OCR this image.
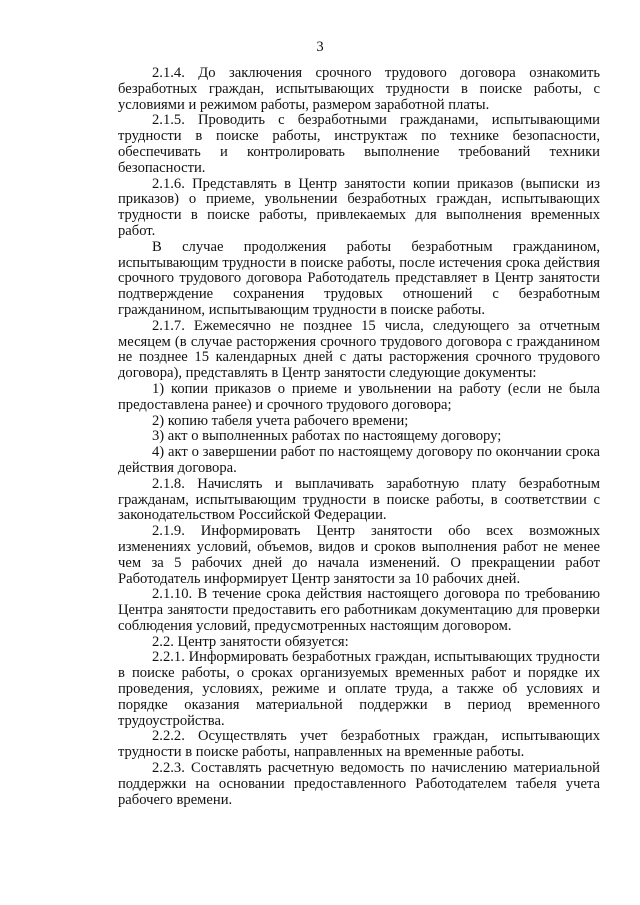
3

2.1.4. До заключения срочного трудового договора ознакомить безработных граждан, испытывающих трудности в поиске работы, с условиями и режимом работы, размером заработной платы.

2.1.5. Проводить с безработными гражданами, испытывающими трудности в поиске работы, инструктаж по технике безопасности, обеспечивать и контролировать выполнение требований техники безопасности.

2.1.6. Представлять в Центр занятости копии приказов (выписки из приказов) о приеме, увольнении безработных граждан, испытывающих трудности в поиске работы, привлекаемых для выполнения временных работ.

В случае продолжения работы безработным гражданином, испытывающим трудности в поиске работы, после истечения срока действия срочного трудового договора Работодатель представляет в Центр занятости подтверждение сохранения трудовых отношений с безработным гражданином, испытывающим трудности в поиске работы.

2.1.7. Ежемесячно не позднее 15 числа, следующего за отчетным месяцем (в случае расторжения срочного трудового договора с гражданином не позднее 15 календарных дней с даты расторжения срочного трудового договора), представлять в Центр занятости следующие документы:

1) копии приказов о приеме и увольнении на работу (если не была предоставлена ранее) и срочного трудового договора;

2) копию табеля учета рабочего времени;

3) акт о выполненных работах по настоящему договору;

4) акт о завершении работ по настоящему договору по окончании срока действия договора.

2.1.8. Начислять и выплачивать заработную плату безработным гражданам, испытывающим трудности в поиске работы, в соответствии с законодательством Российской Федерации.

2.1.9. Информировать Центр занятости обо всех возможных изменениях условий, объемов, видов и сроков выполнения работ не менее чем за 5 рабочих дней до начала изменений. О прекращении работ Работодатель информирует Центр занятости за 10 рабочих дней.

2.1.10. В течение срока действия настоящего договора по требованию Центра занятости предоставить его работникам документацию для проверки соблюдения условий, предусмотренных настоящим договором.

2.2. Центр занятости обязуется:

2.2.1. Информировать безработных граждан, испытывающих трудности в поиске работы, о сроках организуемых временных работ и порядке их проведения, условиях, режиме и оплате труда, а также об условиях и порядке оказания материальной поддержки в период временного трудоустройства.

2.2.2. Осуществлять учет безработных граждан, испытывающих трудности в поиске работы, направленных на временные работы.

2.2.3. Составлять расчетную ведомость по начислению материальной поддержки на основании предоставленного Работодателем табеля учета рабочего времени.
